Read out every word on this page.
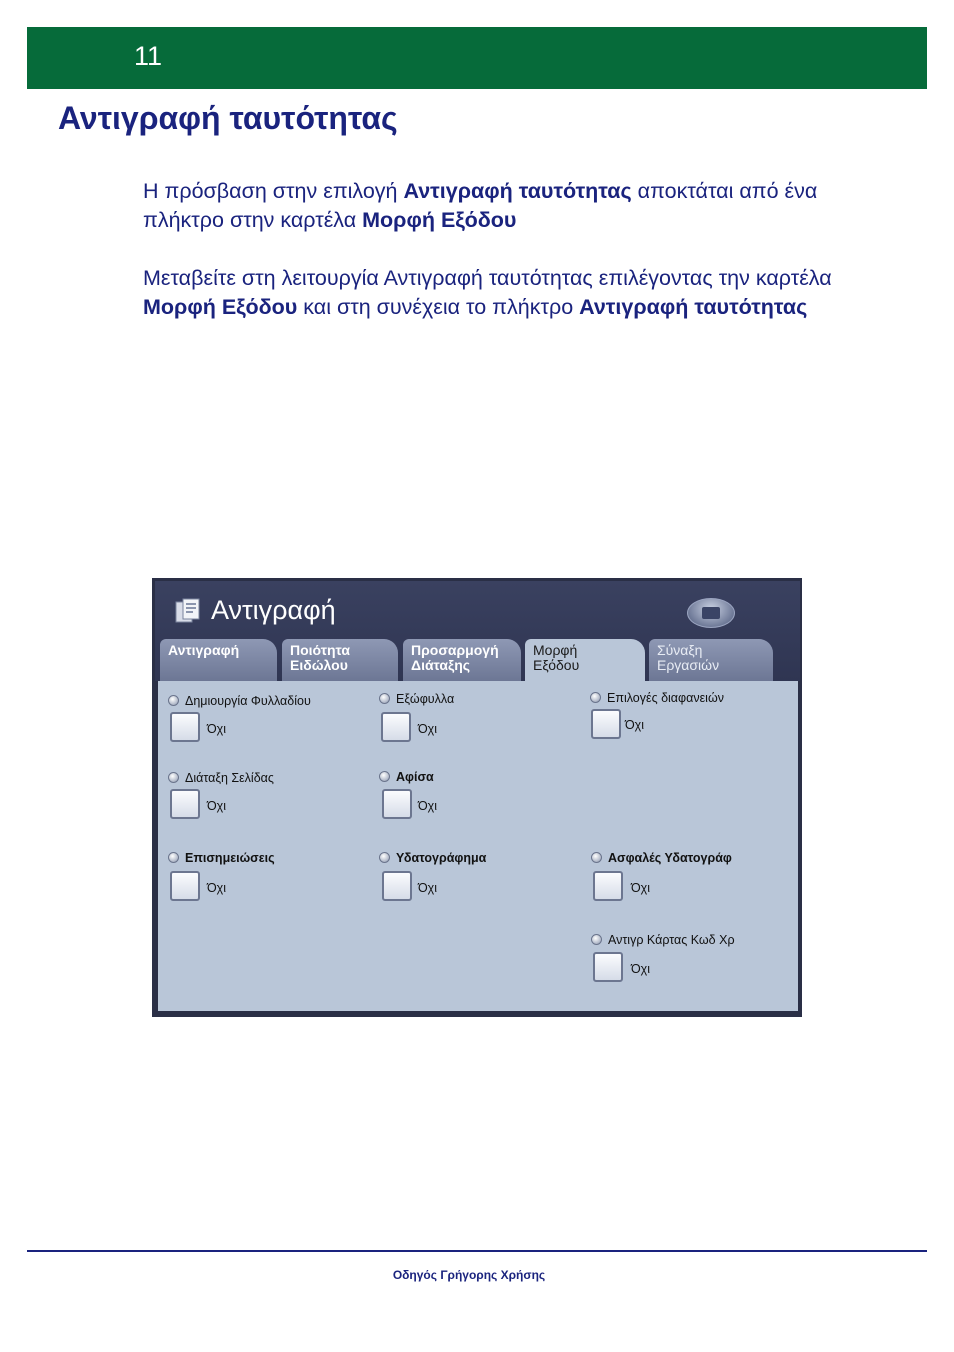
11
Αντιγραφή ταυτότητας

Η πρόσβαση στην επιλογή Αντιγραφή ταυτότητας αποκτάται από ένα πλήκτρο στην καρτέλα Μορφή Εξόδου

Μεταβείτε στη λειτουργία Αντιγραφή ταυτότητας επιλέγοντας την καρτέλα Μορφή Εξόδου και στη συνέχεια το πλήκτρο Αντιγραφή ταυτότητας

Αντιγραφή
Αντιγραφή	Ποιότητα
Ειδώλου
Προσαρμογή
Διάταξης
Μορφή
Εξόδου
Σύναξη
Εργασιών
Δημιουργία Φυλλαδίου
Όχι
Διάταξη Σελίδας
Όχι
Επισημειώσεις
Όχι
Εξώφυλλα
Όχι
Αφίσα
Όχι
Υδατογράφημα
Όχι
Επιλογές διαφανειών
Όχι
Ασφαλές Υδατογράφ
Όχι
Αντιγρ Κάρτας Κωδ Χρ
Όχι
Οδηγός Γρήγορης Χρήσης
